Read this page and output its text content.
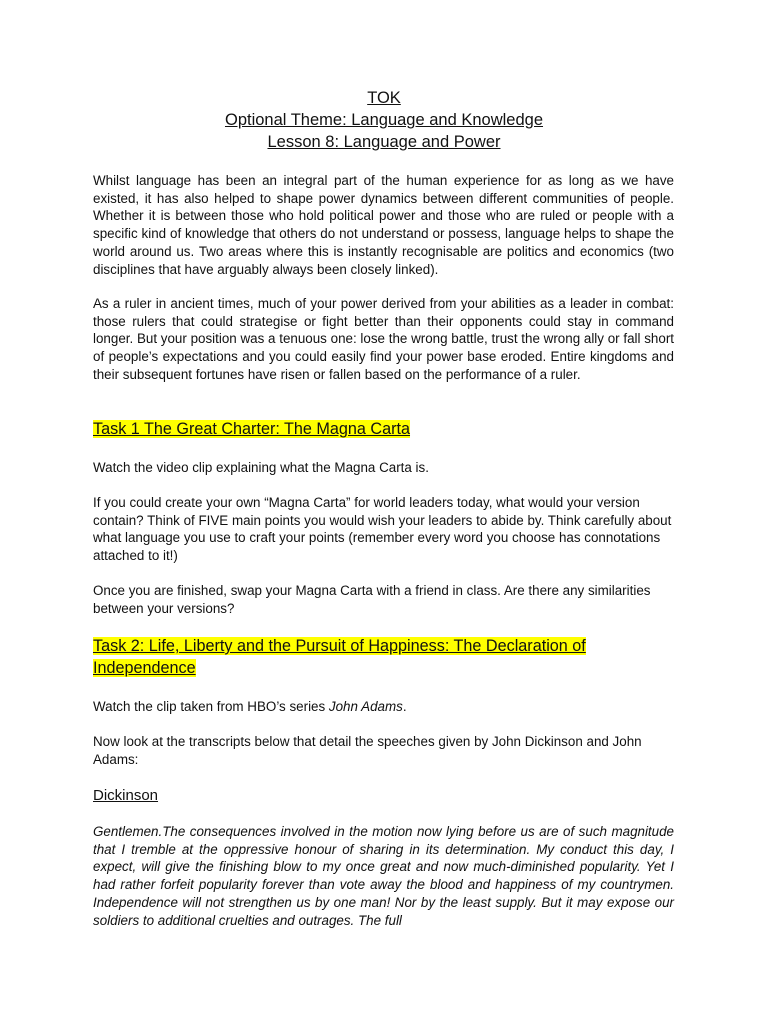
TOK
Optional Theme: Language and Knowledge
Lesson 8: Language and Power

Whilst language has been an integral part of the human experience for as long as we have existed, it has also helped to shape power dynamics between different communities of people. Whether it is between those who hold political power and those who are ruled or people with a specific kind of knowledge that others do not understand or possess, language helps to shape the world around us. Two areas where this is instantly recognisable are politics and economics (two disciplines that have arguably always been closely linked).

As a ruler in ancient times, much of your power derived from your abilities as a leader in combat: those rulers that could strategise or fight better than their opponents could stay in command longer. But your position was a tenuous one: lose the wrong battle, trust the wrong ally or fall short of people’s expectations and you could easily find your power base eroded. Entire kingdoms and their subsequent fortunes have risen or fallen based on the performance of a ruler.

Task 1 The Great Charter: The Magna Carta

Watch the video clip explaining what the Magna Carta is.

If you could create your own “Magna Carta” for world leaders today, what would your version contain? Think of FIVE main points you would wish your leaders to abide by. Think carefully about what language you use to craft your points (remember every word you choose has connotations attached to it!)

Once you are finished, swap your Magna Carta with a friend in class. Are there any similarities between your versions?

Task 2: Life, Liberty and the Pursuit of Happiness: The Declaration of
Independence

Watch the clip taken from HBO’s series John Adams.

Now look at the transcripts below that detail the speeches given by John Dickinson and John Adams:

Dickinson

Gentlemen.The consequences involved in the motion now lying before us are of such magnitude that I tremble at the oppressive honour of sharing in its determination. My conduct this day, I expect, will give the finishing blow to my once great and now much-diminished popularity. Yet I had rather forfeit popularity forever than vote away the blood and happiness of my countrymen. Independence will not strengthen us by one man! Nor by the least supply. But it may expose our soldiers to additional cruelties and outrages. The full
